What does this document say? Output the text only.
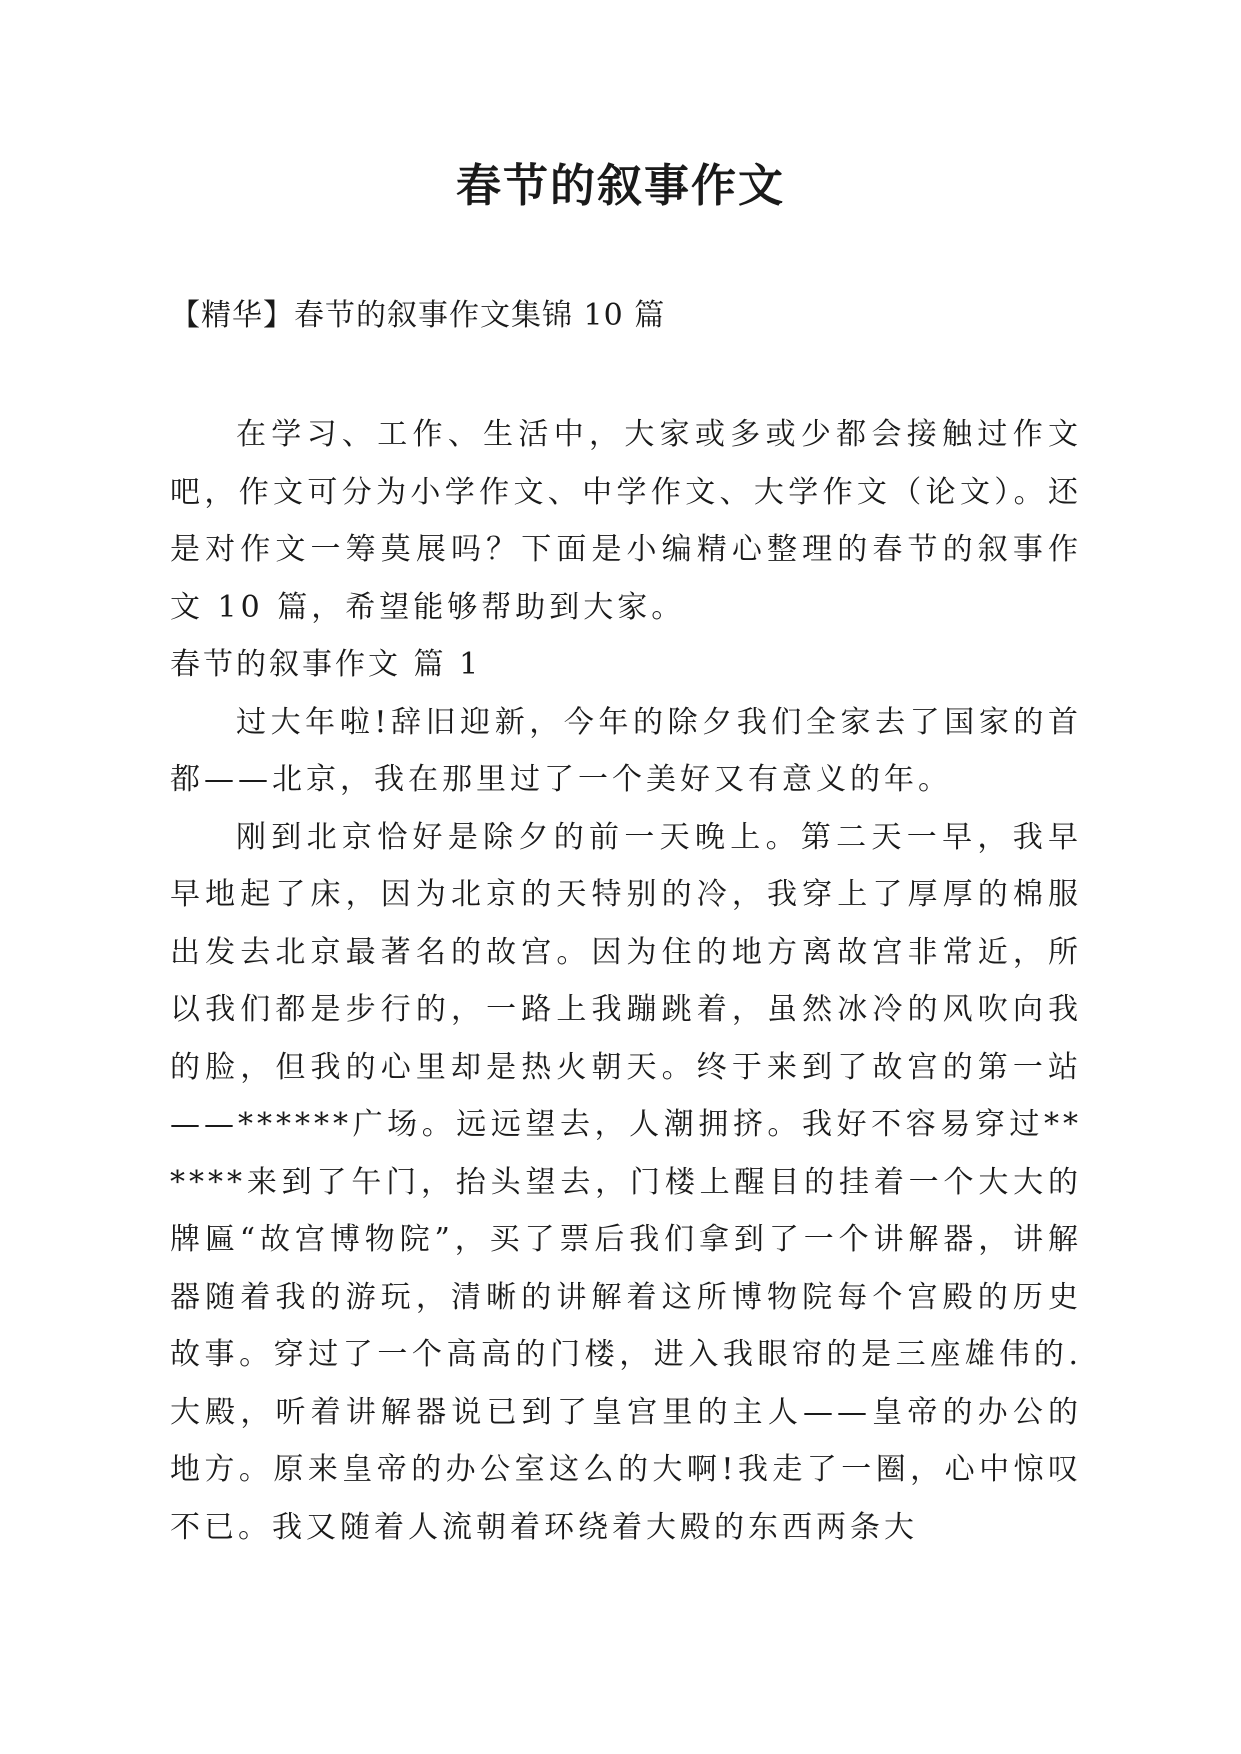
春节的叙事作文

【精华】春节的叙事作文集锦 10 篇

在学习、工作、生活中，大家或多或少都会接触过作文吧，作文可分为小学作文、中学作文、大学作文（论文）。还是对作文一筹莫展吗？下面是小编精心整理的春节的叙事作文 10 篇，希望能够帮助到大家。

春节的叙事作文 篇 1

过大年啦!辞旧迎新，今年的除夕我们全家去了国家的首都——北京，我在那里过了一个美好又有意义的年。

刚到北京恰好是除夕的前一天晚上。第二天一早，我早早地起了床，因为北京的天特别的冷，我穿上了厚厚的棉服出发去北京最著名的故宫。因为住的地方离故宫非常近，所以我们都是步行的，一路上我蹦跳着，虽然冰冷的风吹向我的脸，但我的心里却是热火朝天。终于来到了故宫的第一站——******广场。远远望去，人潮拥挤。我好不容易穿过******来到了午门，抬头望去，门楼上醒目的挂着一个大大的牌匾“故宫博物院”，买了票后我们拿到了一个讲解器，讲解器随着我的游玩，清晰的讲解着这所博物院每个宫殿的历史故事。穿过了一个高高的门楼，进入我眼帘的是三座雄伟的.大殿，听着讲解器说已到了皇宫里的主人——皇帝的办公的地方。原来皇帝的办公室这么的大啊!我走了一圈，心中惊叹不已。我又随着人流朝着环绕着大殿的东西两条大
